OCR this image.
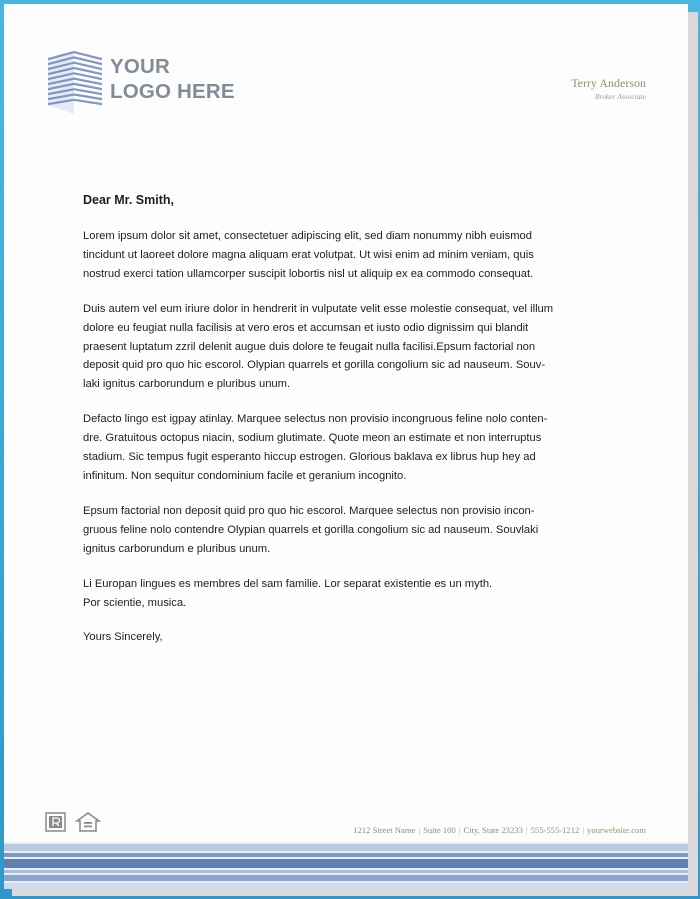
YOUR
LOGO HERE	Terry Anderson
Broker Associate

Dear Mr. Smith,

Lorem ipsum dolor sit amet, consectetuer adipiscing elit, sed diam nonummy nibh euismod
tincidunt ut laoreet dolore magna aliquam erat volutpat. Ut wisi enim ad minim veniam, quis
nostrud exerci tation ullamcorper suscipit lobortis nisl ut aliquip ex ea commodo consequat.

Duis autem vel eum iriure dolor in hendrerit in vulputate velit esse molestie consequat, vel illum
dolore eu feugiat nulla facilisis at vero eros et accumsan et iusto odio dignissim qui blandit
praesent luptatum zzril delenit augue duis dolore te feugait nulla facilisi.Epsum factorial non
deposit quid pro quo hic escorol. Olypian quarrels et gorilla congolium sic ad nauseum. Souv-
laki ignitus carborundum e pluribus unum.

Defacto lingo est igpay atinlay. Marquee selectus non provisio incongruous feline nolo conten-
dre. Gratuitous octopus niacin, sodium glutimate. Quote meon an estimate et non interruptus
stadium. Sic tempus fugit esperanto hiccup estrogen. Glorious baklava ex librus hup hey ad
infinitum. Non sequitur condominium facile et geranium incognito.

Epsum factorial non deposit quid pro quo hic escorol. Marquee selectus non provisio incon-
gruous feline nolo contendre Olypian quarrels et gorilla congolium sic ad nauseum. Souvlaki
ignitus carborundum e pluribus unum.

Li Europan lingues es membres del sam familie. Lor separat existentie es un myth.
Por scientie, musica.

Yours Sincerely,

1212 Street Name | Suite 100 | City, State 23233 | 555-555-1212 | yourwebsite.com
